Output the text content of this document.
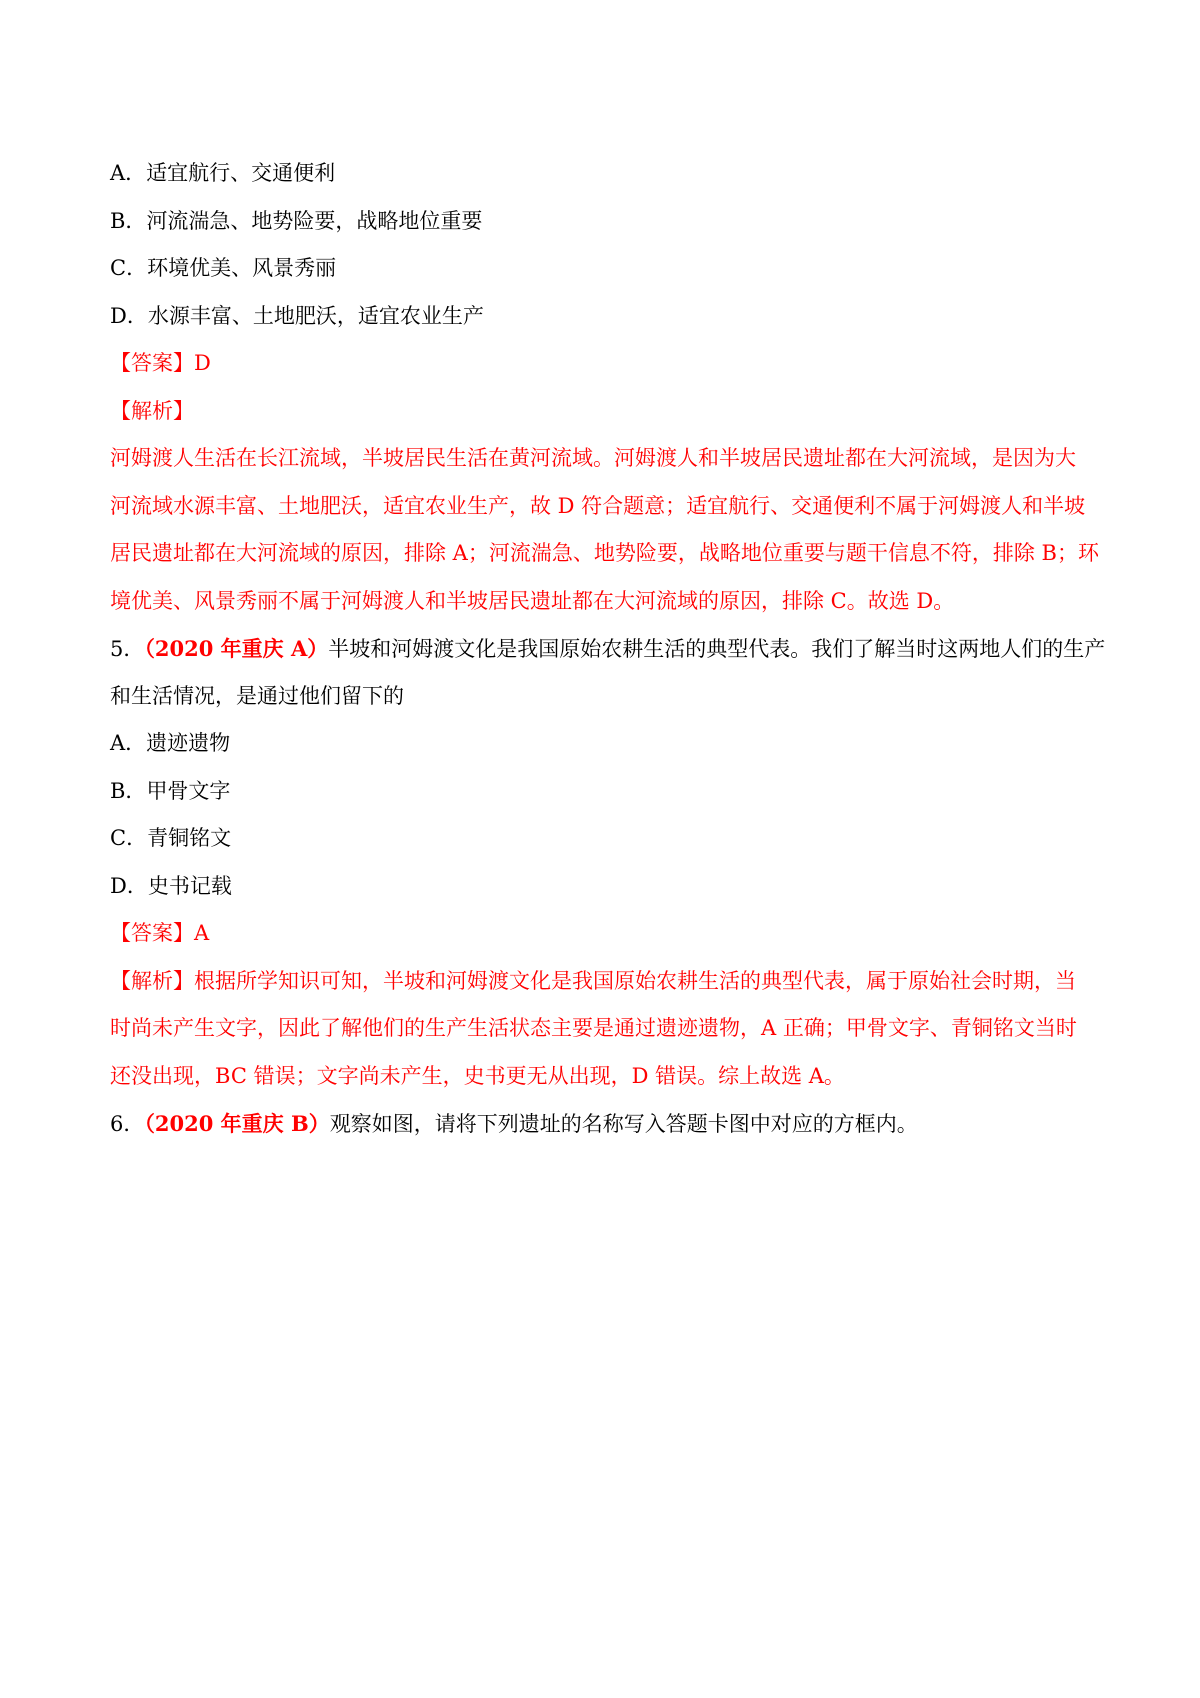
A．适宜航行、交通便利
B．河流湍急、地势险要，战略地位重要
C．环境优美、风景秀丽
D．水源丰富、土地肥沃，适宜农业生产
【答案】D
【解析】
河姆渡人生活在长江流域，半坡居民生活在黄河流域。河姆渡人和半坡居民遗址都在大河流域，是因为大
河流域水源丰富、土地肥沃，适宜农业生产，故 D 符合题意；适宜航行、交通便利不属于河姆渡人和半坡
居民遗址都在大河流域的原因，排除 A；河流湍急、地势险要，战略地位重要与题干信息不符，排除 B；环
境优美、风景秀丽不属于河姆渡人和半坡居民遗址都在大河流域的原因，排除 C。故选 D。
5．（2020 年重庆 A）半坡和河姆渡文化是我国原始农耕生活的典型代表。我们了解当时这两地人们的生产
和生活情况，是通过他们留下的
A．遗迹遗物
B．甲骨文字
C．青铜铭文
D．史书记载
【答案】A
【解析】根据所学知识可知，半坡和河姆渡文化是我国原始农耕生活的典型代表，属于原始社会时期，当
时尚未产生文字，因此了解他们的生产生活状态主要是通过遗迹遗物，A 正确；甲骨文字、青铜铭文当时
还没出现，BC 错误；文字尚未产生，史书更无从出现，D 错误。综上故选 A。
6．（2020 年重庆 B）观察如图，请将下列遗址的名称写入答题卡图中对应的方框内。
